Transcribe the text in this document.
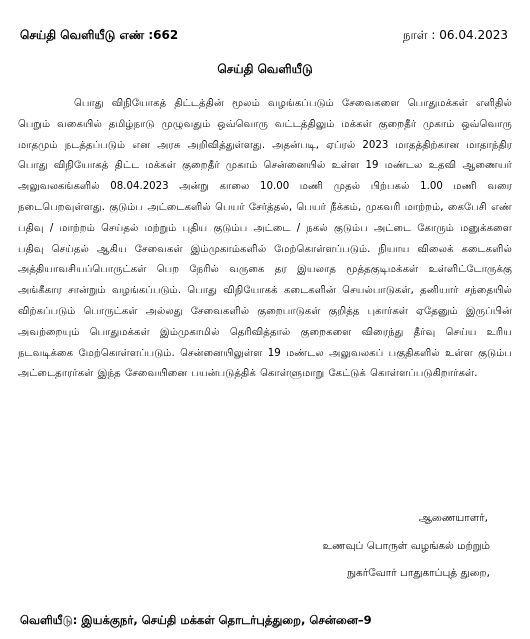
செய்தி வெளியீடு எண் :662	நாள் : 06.04.2023
செய்தி வெளியீடு
பொது விநியோகத் திட்டத்தின் மூலம் வழங்கப்படும் சேவைகளை பொதுமக்கள் எளிதில் பெறும் வகையில் தமிழ்நாடு முழுவதும் ஒவ்வொரு வட்டத்திலும் மக்கள் குறைதீர் முகாம் ஒவ்வொரு மாதமும் நடத்தப்படும் என அரசு அறிவித்துள்ளது. அதன்படி, ஏப்ரல் 2023 மாதத்திற்கான மாதாந்திர பொது விநியோகத் திட்ட மக்கள் குறைதீர் முகாம் சென்னையில் உள்ள 19 மண்டல உதவி ஆணையர் அலுவலகங்களில் 08.04.2023 அன்று காலை 10.00 மணி முதல் பிற்பகல் 1.00 மணி வரை நடைபெறவுள்ளது. குடும்ப அட்டைகளில் பெயர் சேர்த்தல், பெயர் நீக்கம், முகவரி மாற்றம், கைபேசி எண் பதிவு / மாற்றம் செய்தல் மற்றும் புதிய குடும்ப அட்டை / நகல் குடும்ப அட்டை கோரும் மனுக்களை பதிவு செய்தல் ஆகிய சேவைகள் இம்முகாம்களில் மேற்கொள்ளப்படும். நியாய விலைக் கடைகளில் அத்தியாவசியப்பொருட்கள் பெற நேரில் வருகை தர இயலாத மூத்தகுடிமக்கள் உள்ளிட்டோருக்கு அங்கீகார சான்றும் வழங்கப்படும். பொது விநியோகக் கடைகளின் செயல்பாடுகள், தனியார் சந்தையில் விற்கப்படும் பொருட்கள் அல்லது சேவைகளில் குறைபாடுகள் குறித்த புகார்கள் ஏதேனும் இருப்பின் அவற்றையும் பொதுமக்கள் இம்முகாமில் தெரிவித்தால் குறைகளை விரைந்து தீர்வு செய்ய உரிய நடவடிக்கை மேற்கொள்ளப்படும். சென்னையிலுள்ள 19 மண்டல அலுவலகப் பகுதிகளில் உள்ள குடும்ப அட்டைதாரர்கள் இந்த சேவையினை பயன்படுத்திக் கொள்ளுமாறு கேட்டுக் கொள்ளப்படுகிறார்கள்.
ஆணையாளர்,
உணவுப் பொருள் வழங்கல் மற்றும்
நுகர்வோர் பாதுகாப்புத் துறை,
வெளியீடு: இயக்குநர், செய்தி மக்கள் தொடர்புத்துறை, சென்னை–9
